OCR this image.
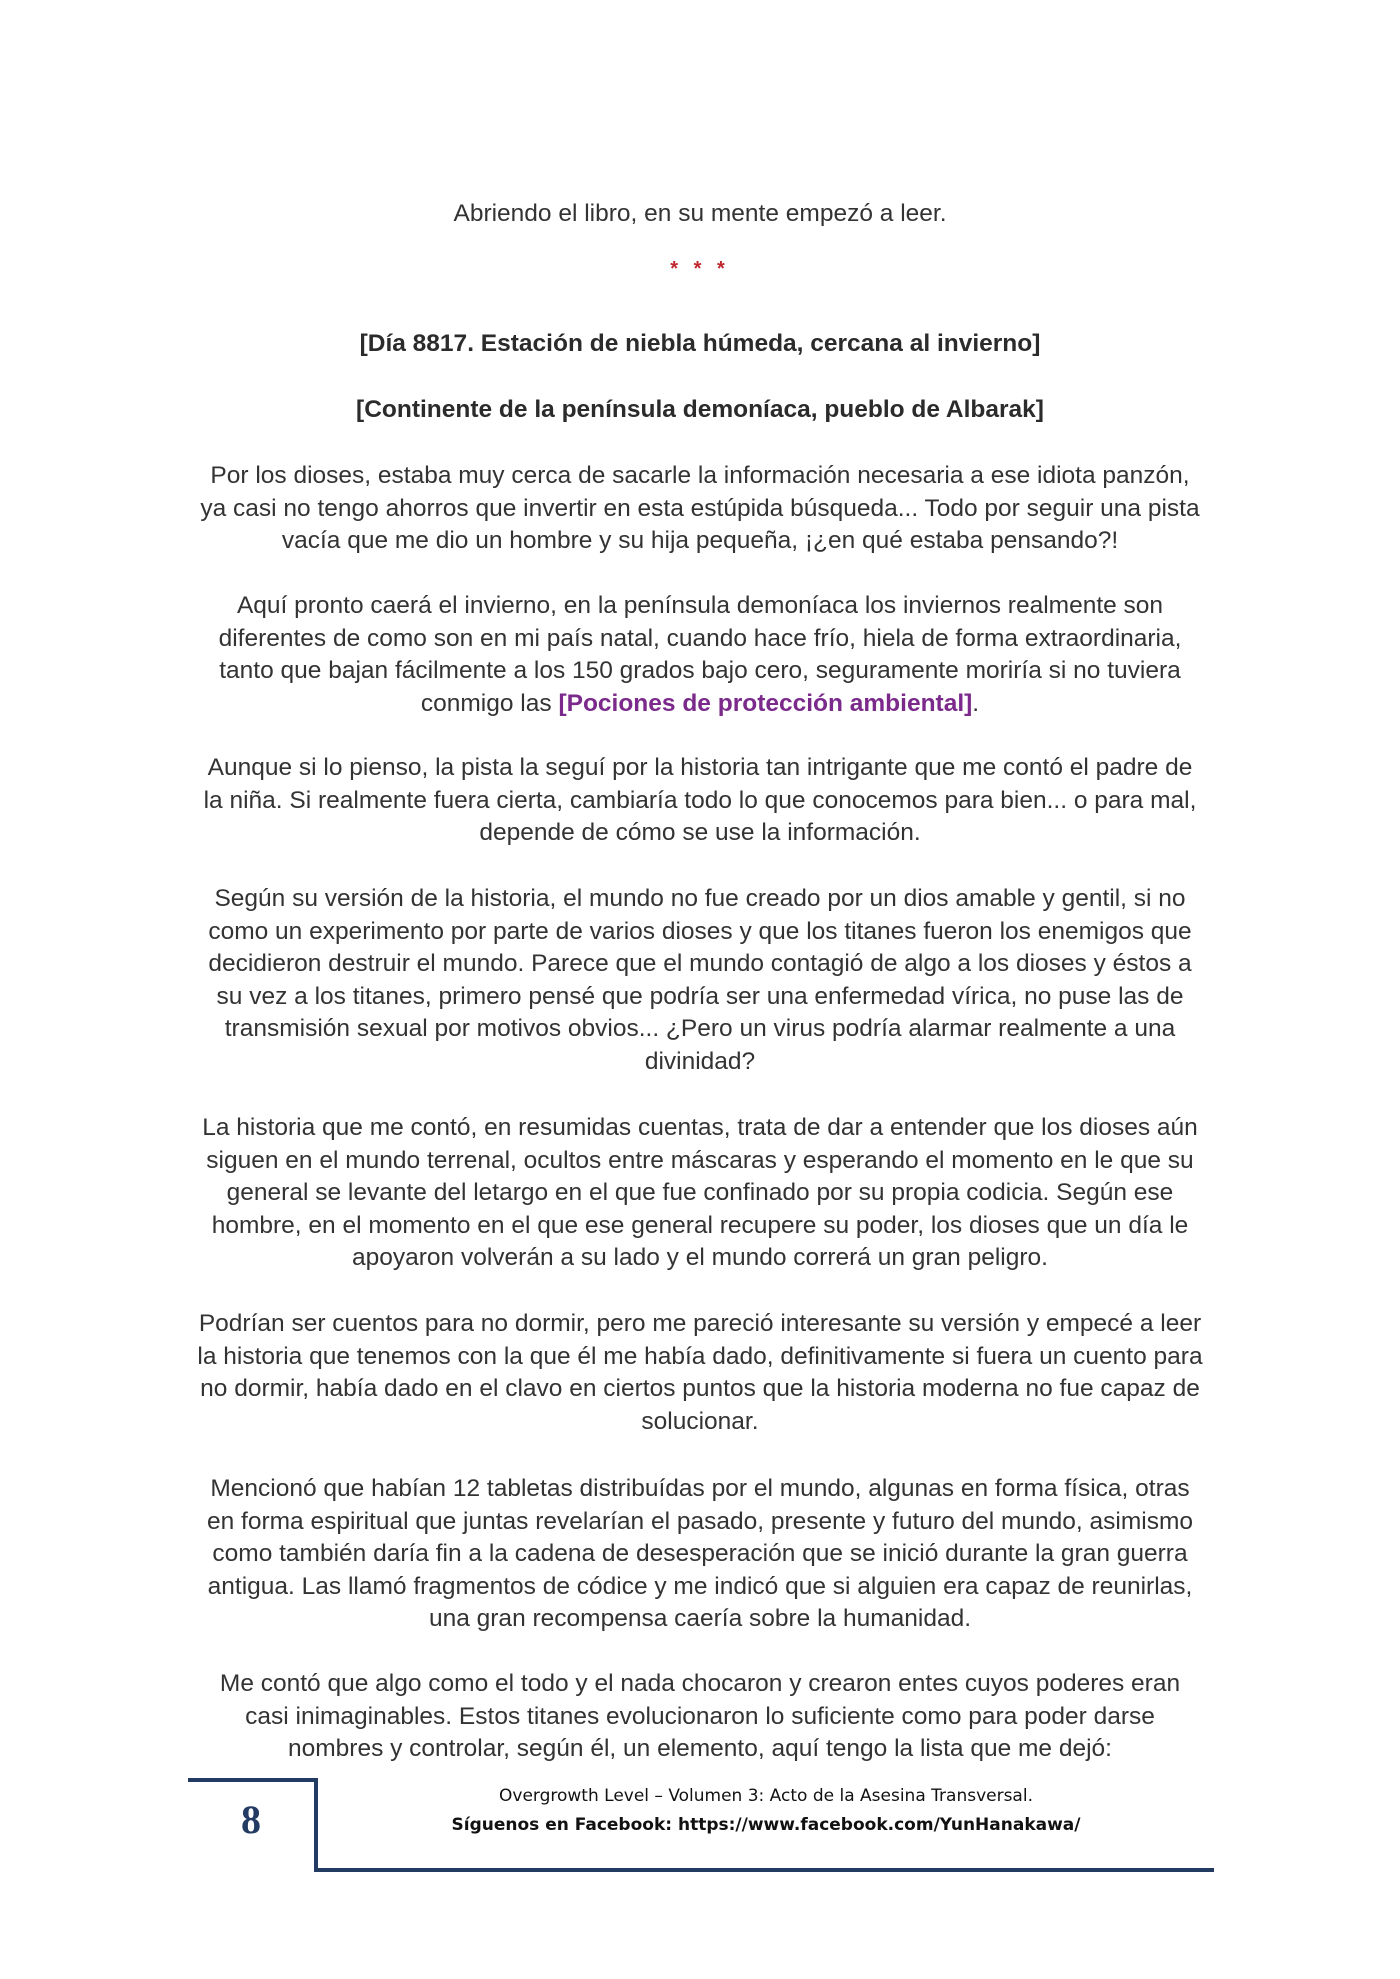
Abriendo el libro, en su mente empezó a leer.
* * *
[Día 8817. Estación de niebla húmeda, cercana al invierno]
[Continente de la península demoníaca, pueblo de Albarak]
Por los dioses, estaba muy cerca de sacarle la información necesaria a ese idiota panzón, ya casi no tengo ahorros que invertir en esta estúpida búsqueda... Todo por seguir una pista vacía que me dio un hombre y su hija pequeña, ¡¿en qué estaba pensando?!
Aquí pronto caerá el invierno, en la península demoníaca los inviernos realmente son diferentes de como son en mi país natal, cuando hace frío, hiela de forma extraordinaria, tanto que bajan fácilmente a los 150 grados bajo cero, seguramente moriría si no tuviera conmigo las [Pociones de protección ambiental].
Aunque si lo pienso, la pista la seguí por la historia tan intrigante que me contó el padre de la niña. Si realmente fuera cierta, cambiaría todo lo que conocemos para bien... o para mal, depende de cómo se use la información.
Según su versión de la historia, el mundo no fue creado por un dios amable y gentil, si no como un experimento por parte de varios dioses y que los titanes fueron los enemigos que decidieron destruir el mundo. Parece que el mundo contagió de algo a los dioses y éstos a su vez a los titanes, primero pensé que podría ser una enfermedad vírica, no puse las de transmisión sexual por motivos obvios... ¿Pero un virus podría alarmar realmente a una divinidad?
La historia que me contó, en resumidas cuentas, trata de dar a entender que los dioses aún siguen en el mundo terrenal, ocultos entre máscaras y esperando el momento en le que su general se levante del letargo en el que fue confinado por su propia codicia. Según ese hombre, en el momento en el que ese general recupere su poder, los dioses que un día le apoyaron volverán a su lado y el mundo correrá un gran peligro.
Podrían ser cuentos para no dormir, pero me pareció interesante su versión y empecé a leer la historia que tenemos con la que él me había dado, definitivamente si fuera un cuento para no dormir, había dado en el clavo en ciertos puntos que la historia moderna no fue capaz de solucionar.
Mencionó que habían 12 tabletas distribuídas por el mundo, algunas en forma física, otras en forma espiritual que juntas revelarían el pasado, presente y futuro del mundo, asimismo como también daría fin a la cadena de desesperación que se inició durante la gran guerra antigua. Las llamó fragmentos de códice y me indicó que si alguien era capaz de reunirlas, una gran recompensa caería sobre la humanidad.
Me contó que algo como el todo y el nada chocaron y crearon entes cuyos poderes eran casi inimaginables. Estos titanes evolucionaron lo suficiente como para poder darse nombres y controlar, según él, un elemento, aquí tengo la lista que me dejó:
8
Overgrowth Level – Volumen 3: Acto de la Asesina Transversal.
Síguenos en Facebook: https://www.facebook.com/YunHanakawa/
